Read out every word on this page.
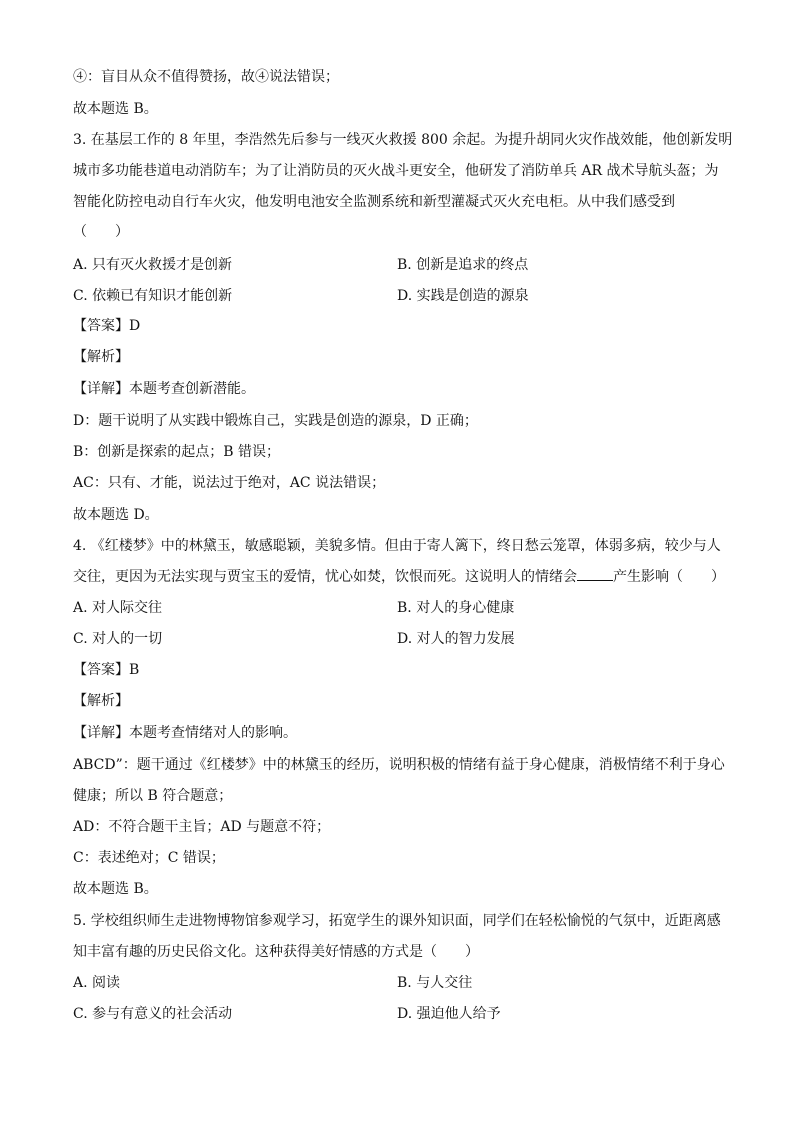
④：盲目从众不值得赞扬，故④说法错误；
故本题选 B。
3. 在基层工作的 8 年里，李浩然先后参与一线灭火救援 800 余起。为提升胡同火灾作战效能，他创新发明
城市多功能巷道电动消防车；为了让消防员的灭火战斗更安全，他研发了消防单兵 AR 战术导航头盔；为
智能化防控电动自行车火灾，他发明电池安全监测系统和新型灌凝式灭火充电柜。从中我们感受到
（　　）
A. 只有灭火救援才是创新	B. 创新是追求的终点
C. 依赖已有知识才能创新	D. 实践是创造的源泉
【答案】D
【解析】
【详解】本题考查创新潜能。
D：题干说明了从实践中锻炼自己，实践是创造的源泉，D 正确；
B：创新是探索的起点；B 错误；
AC：只有、才能，说法过于绝对，AC 说法错误；
故本题选 D。
4. 《红楼梦》中的林黛玉，敏感聪颖，美貌多情。但由于寄人篱下，终日愁云笼罩，体弱多病，较少与人
交往，更因为无法实现与贾宝玉的爱情，忧心如焚，饮恨而死。这说明人的情绪会	产生影响（　　）
A. 对人际交往	B. 对人的身心健康
C. 对人的一切	D. 对人的智力发展
【答案】B
【解析】
【详解】本题考查情绪对人的影响。
ABCD”：题干通过《红楼梦》中的林黛玉的经历，说明积极的情绪有益于身心健康，消极情绪不利于身心
健康；所以 B 符合题意；
AD：不符合题干主旨；AD 与题意不符；
C：表述绝对；C 错误；
故本题选 B。
5. 学校组织师生走进物博物馆参观学习，拓宽学生的课外知识面，同学们在轻松愉悦的气氛中，近距离感
知丰富有趣的历史民俗文化。这种获得美好情感的方式是（　　）
A. 阅读	B. 与人交往
C. 参与有意义的社会活动	D. 强迫他人给予
